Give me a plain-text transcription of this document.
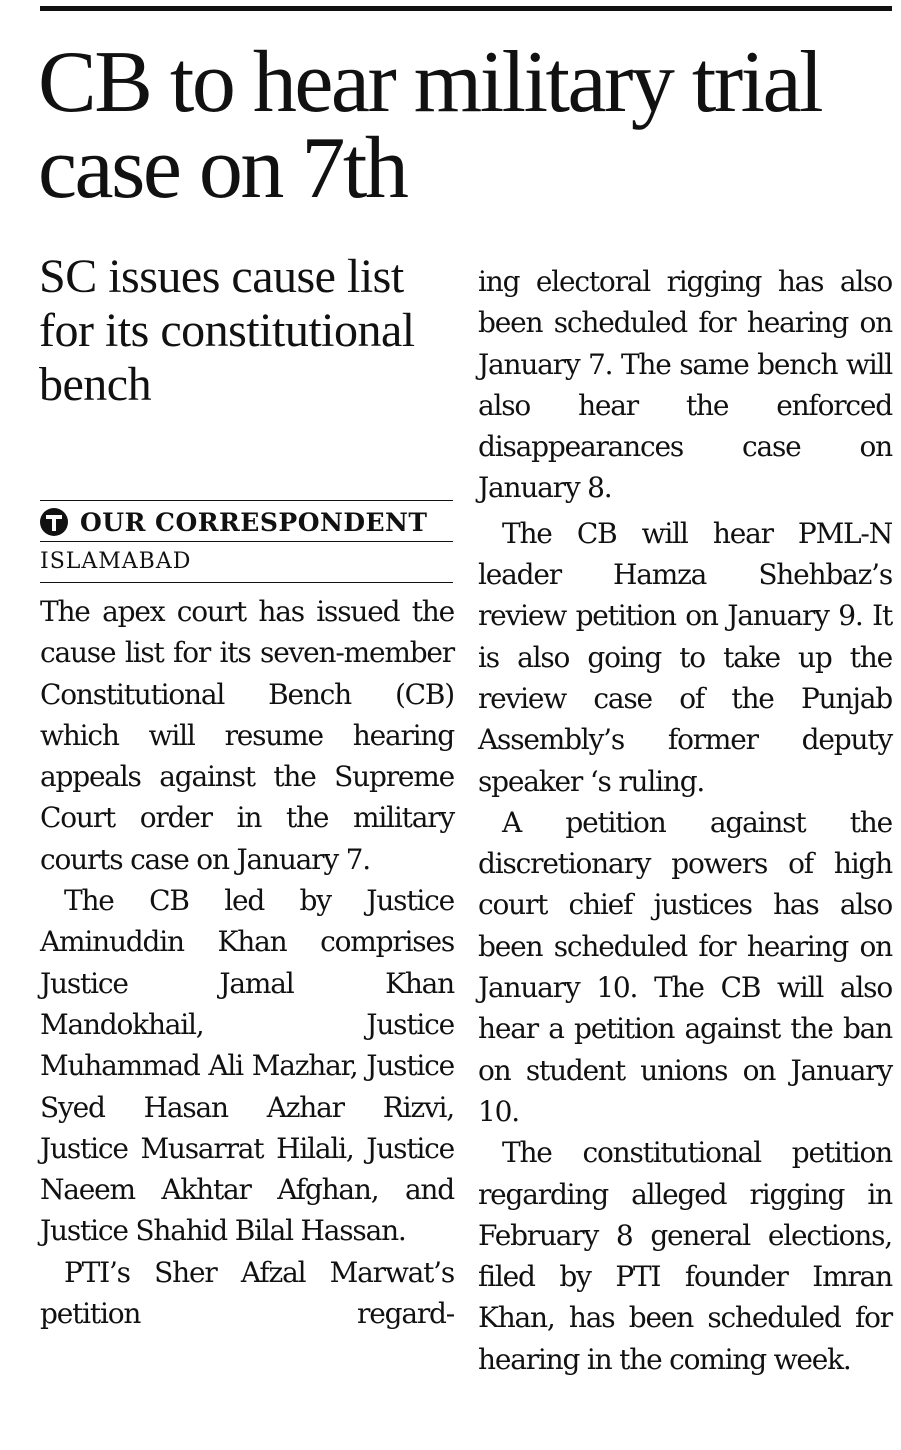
CB to hear military trial case on 7th
SC issues cause list for its constitutional bench
OUR CORRESPONDENT
ISLAMABAD

The apex court has issued the cause list for its seven-member Constitutional Bench (CB) which will resume hearing appeals against the Supreme Court order in the military courts case on January 7.

The CB led by Justice Aminuddin Khan comprises Justice Jamal Khan Mandokhail, Justice Muhammad Ali Mazhar, Justice Syed Hasan Azhar Rizvi, Justice Musarrat Hilali, Justice Naeem Akhtar Afghan, and Justice Shahid Bilal Hassan.

PTI’s Sher Afzal Marwat’s petition regard-

ing electoral rigging has also been scheduled for hearing on January 7. The same bench will also hear the enforced disappearances case on January 8.

The CB will hear PML-N leader Hamza Shehbaz’s review petition on January 9. It is also going to take up the review case of the Punjab Assembly’s former deputy speaker ‘s ruling.

A petition against the discretionary powers of high court chief justices has also been scheduled for hearing on January 10. The CB will also hear a petition against the ban on student unions on January 10.

The constitutional petition regarding alleged rigging in February 8 general elections, filed by PTI founder Imran Khan, has been scheduled for hearing in the coming week.
